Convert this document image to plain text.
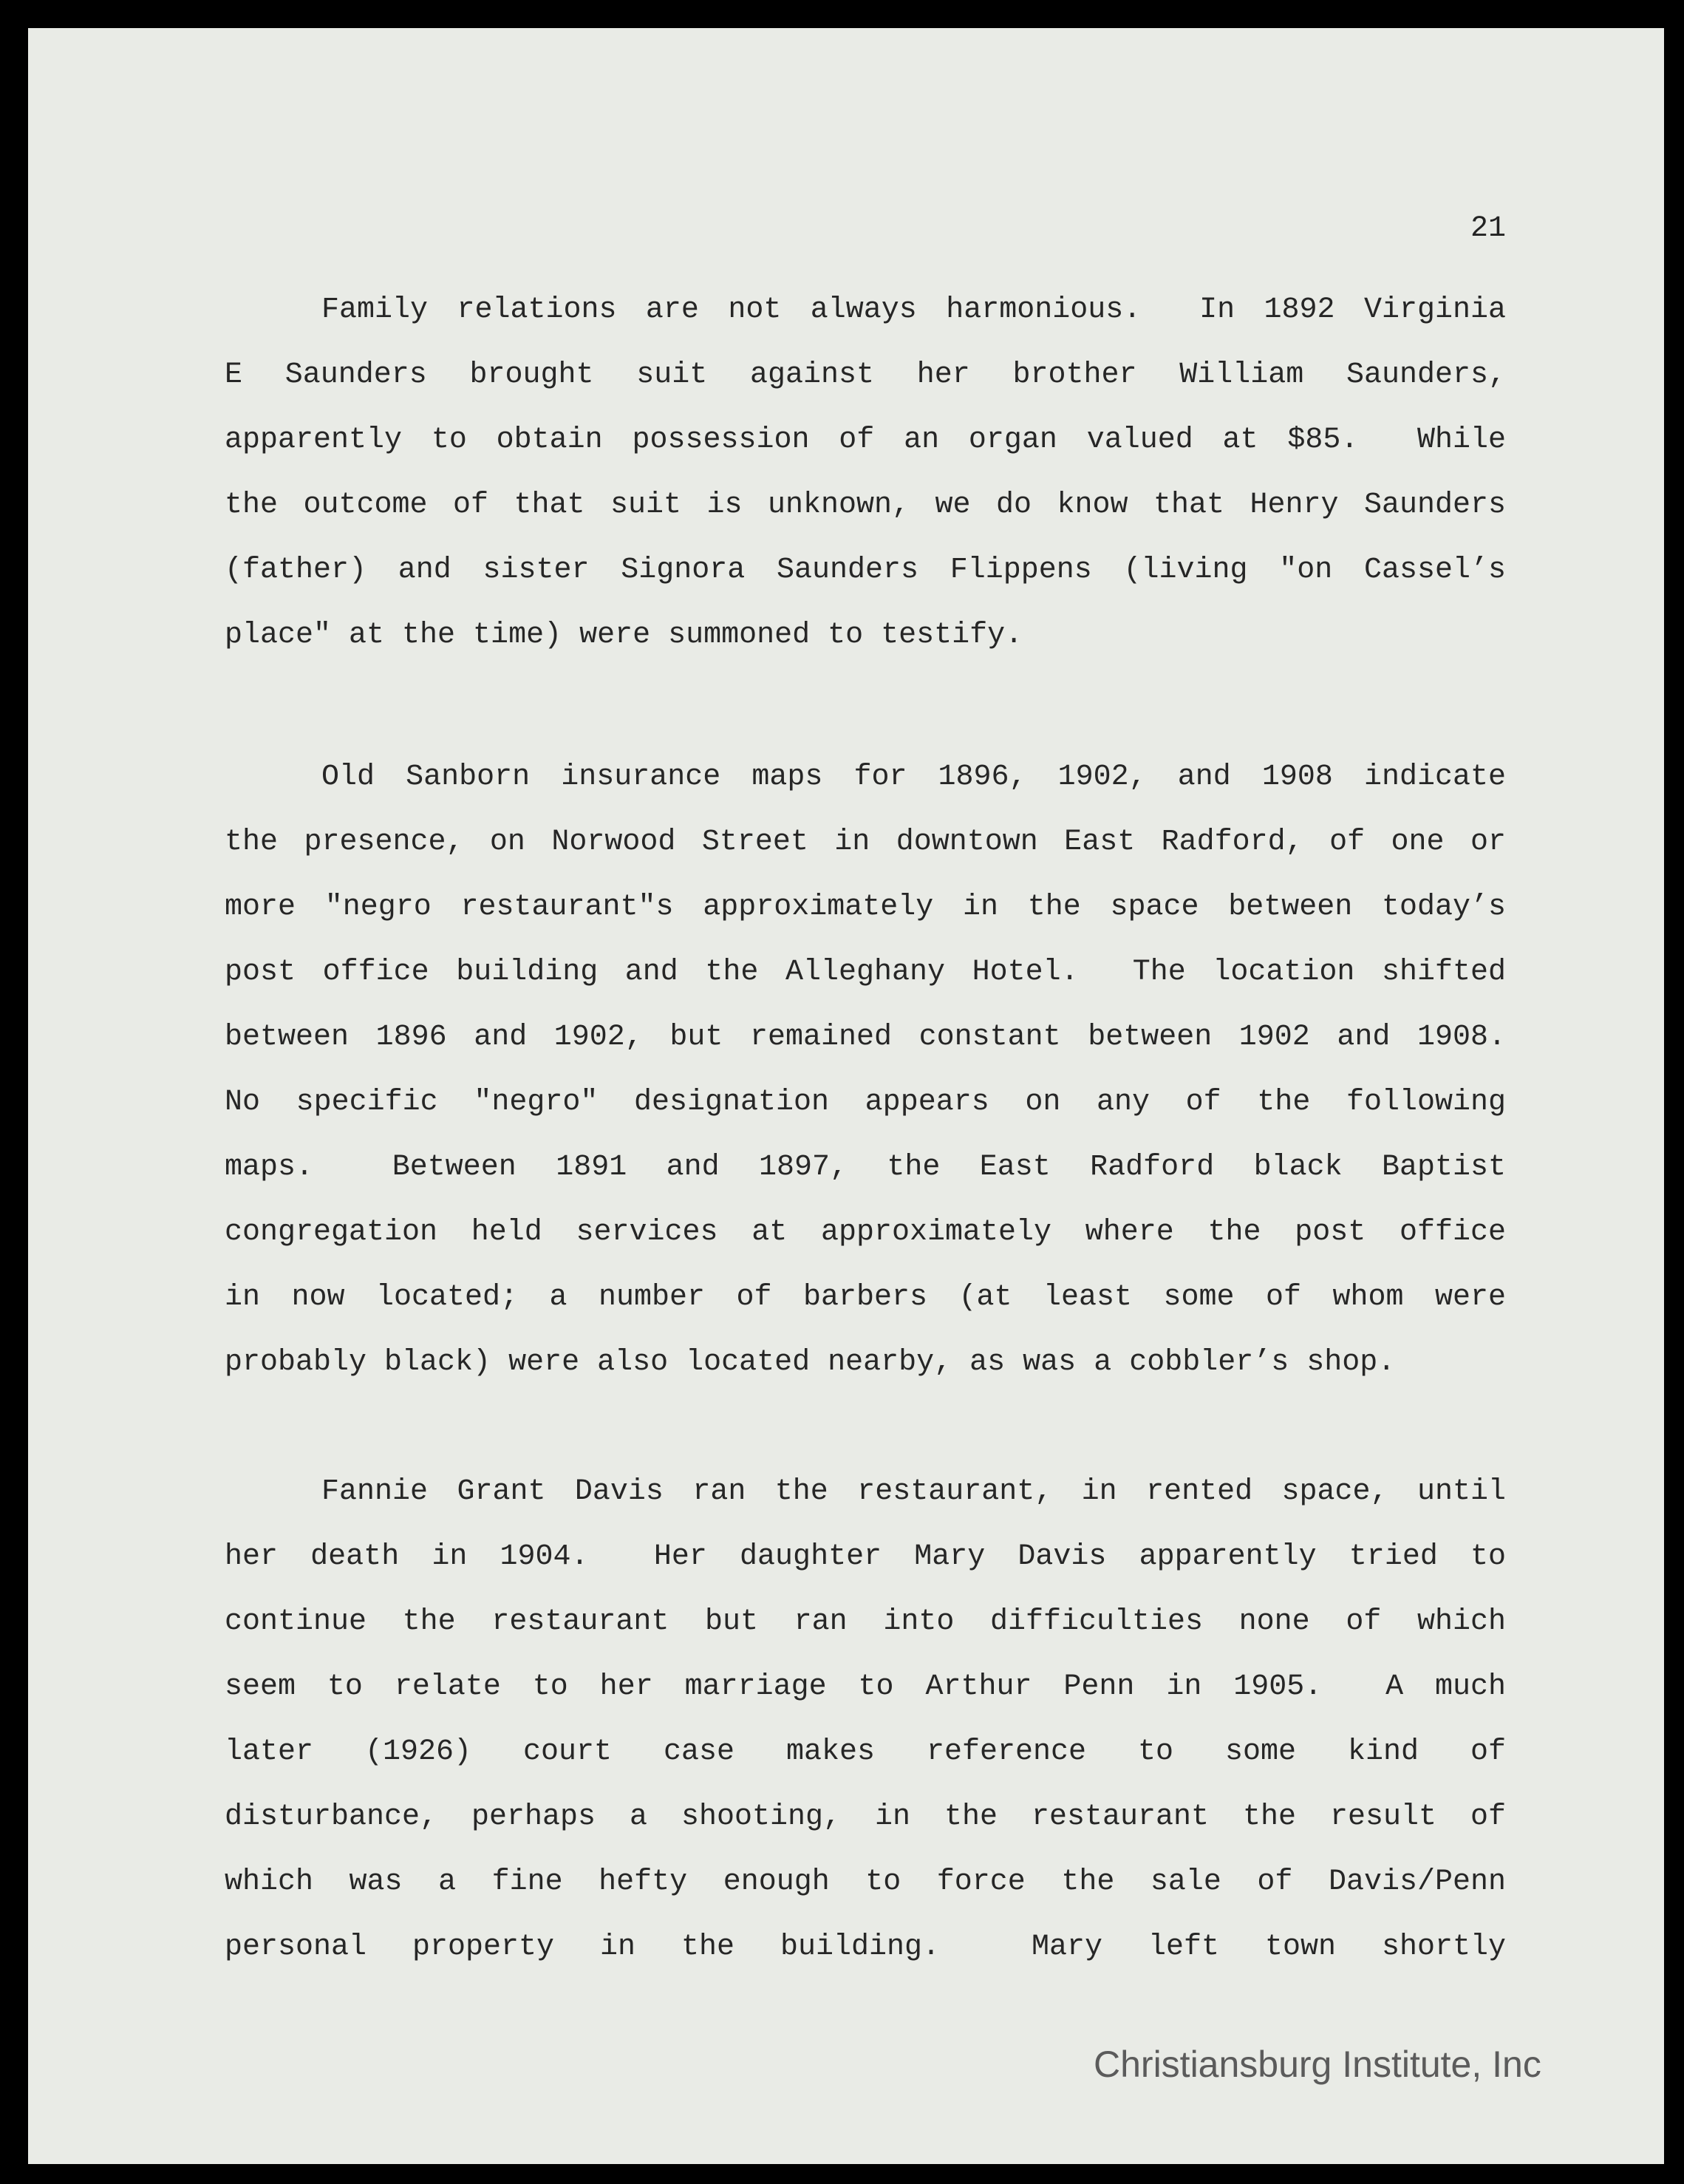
21
Family relations are not always harmonious.  In 1892 Virginia
E Saunders brought suit against her brother William Saunders,
apparently to obtain possession of an organ valued at $85.  While
the outcome of that suit is unknown, we do know that Henry Saunders
(father) and sister Signora Saunders Flippens (living "on Cassel’s
place" at the time) were summoned to testify.
Old Sanborn insurance maps for 1896, 1902, and 1908 indicate
the presence, on Norwood Street in downtown East Radford, of one or
more "negro restaurant"s approximately in the space between today’s
post office building and the Alleghany Hotel.  The location shifted
between 1896 and 1902, but remained constant between 1902 and 1908.
No specific "negro" designation appears on any of the following
maps.  Between 1891 and 1897, the East Radford black Baptist
congregation held services at approximately where the post office
in now located; a number of barbers (at least some of whom were
probably black) were also located nearby, as was a cobbler’s shop.
Fannie Grant Davis ran the restaurant, in rented space, until
her death in 1904.  Her daughter Mary Davis apparently tried to
continue the restaurant but ran into difficulties none of which
seem to relate to her marriage to Arthur Penn in 1905.  A much
later (1926) court case makes reference to some kind of
disturbance, perhaps a shooting, in the restaurant the result of
which was a fine hefty enough to force the sale of Davis/Penn
personal property in the building.  Mary left town shortly
Christiansburg Institute, Inc
